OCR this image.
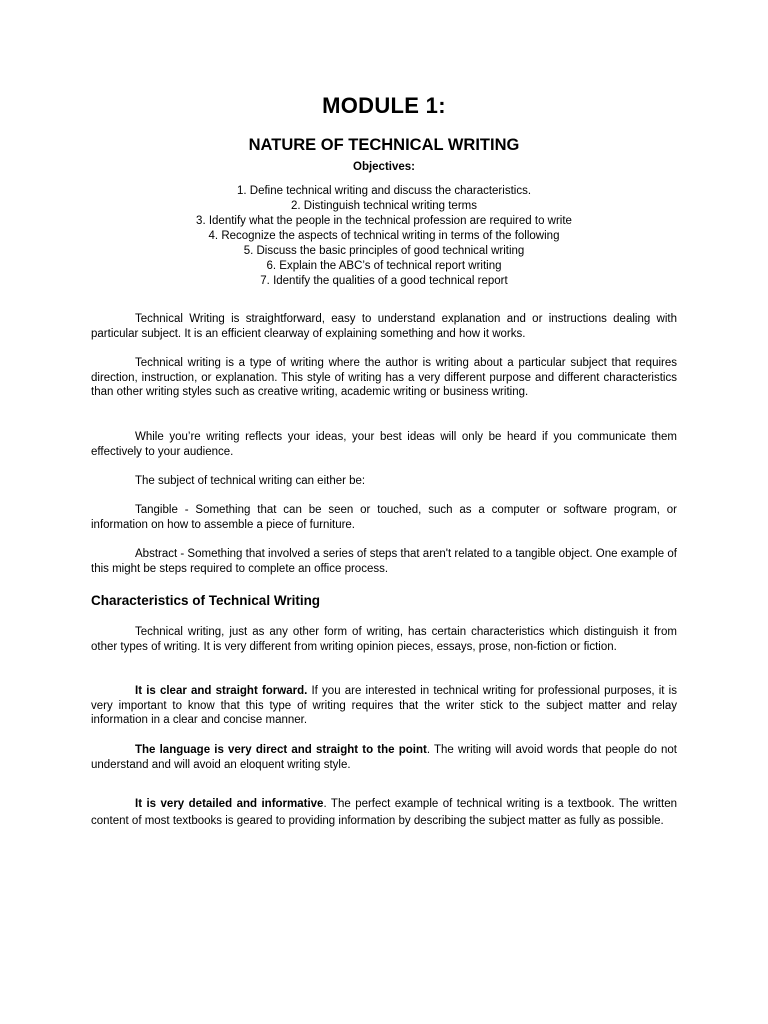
MODULE 1:
NATURE OF TECHNICAL WRITING
Objectives:
1. Define technical writing and discuss the characteristics.
2. Distinguish technical writing terms
3. Identify what the people in the technical profession are required to write
4. Recognize the aspects of technical writing in terms of the following
5. Discuss the basic principles of good technical writing
6. Explain the ABC’s of technical report writing
7. Identify the qualities of a good technical report

Technical Writing is straightforward, easy to understand explanation and or instructions dealing with particular subject. It is an efficient clearway of explaining something and how it works.

Technical writing is a type of writing where the author is writing about a particular subject that requires direction, instruction, or explanation. This style of writing has a very different purpose and different characteristics than other writing styles such as creative writing, academic writing or business writing.

While you’re writing reflects your ideas, your best ideas will only be heard if you communicate them effectively to your audience.

The subject of technical writing can either be:

Tangible - Something that can be seen or touched, such as a computer or software program, or information on how to assemble a piece of furniture.

Abstract - Something that involved a series of steps that aren't related to a tangible object. One example of this might be steps required to complete an office process.

Characteristics of Technical Writing

Technical writing, just as any other form of writing, has certain characteristics which distinguish it from other types of writing. It is very different from writing opinion pieces, essays, prose, non-fiction or fiction.

It is clear and straight forward. If you are interested in technical writing for professional purposes, it is very important to know that this type of writing requires that the writer stick to the subject matter and relay information in a clear and concise manner.

The language is very direct and straight to the point. The writing will avoid words that people do not understand and will avoid an eloquent writing style.

It is very detailed and informative. The perfect example of technical writing is a textbook. The written content of most textbooks is geared to providing information by describing the subject matter as fully as possible.
